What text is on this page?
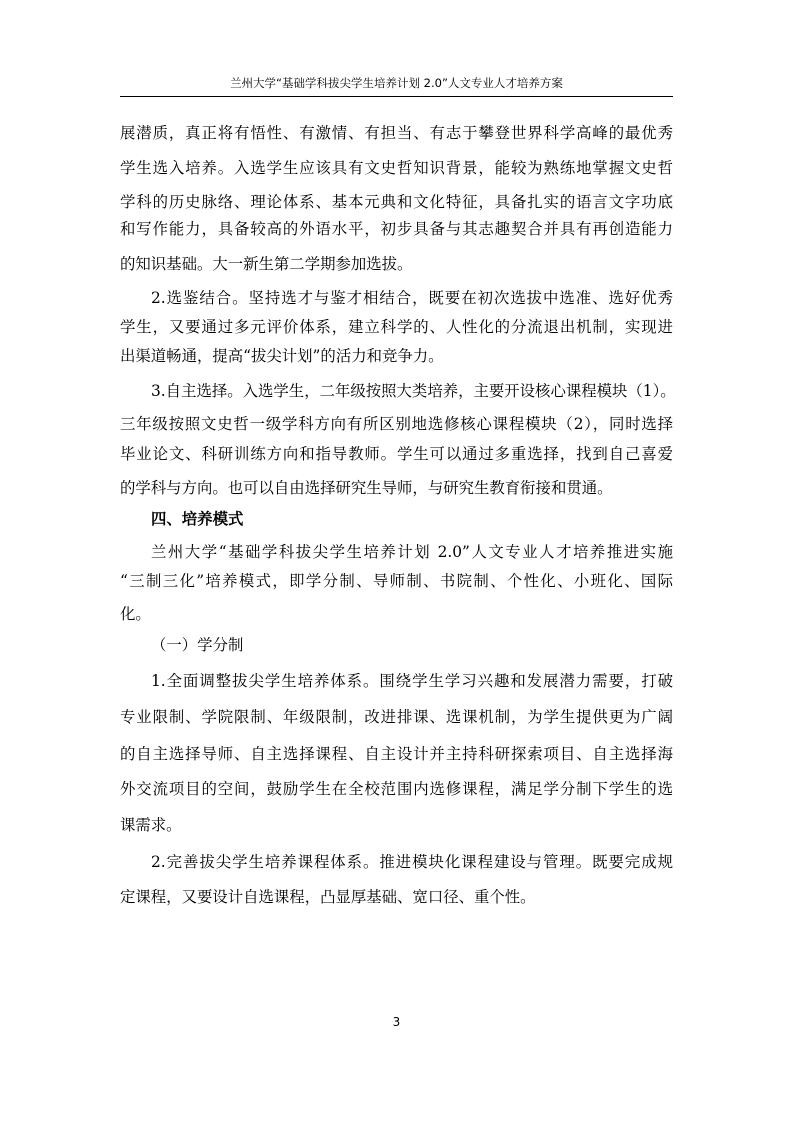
兰州大学“基础学科拔尖学生培养计划 2.0”人文专业人才培养方案
展潜质，真正将有悟性、有激情、有担当、有志于攀登世界科学高峰的最优秀
学生选入培养。入选学生应该具有文史哲知识背景，能较为熟练地掌握文史哲
学科的历史脉络、理论体系、基本元典和文化特征，具备扎实的语言文字功底
和写作能力，具备较高的外语水平，初步具备与其志趣契合并具有再创造能力
的知识基础。大一新生第二学期参加选拔。
2.选鉴结合。坚持选才与鉴才相结合，既要在初次选拔中选准、选好优秀
学生，又要通过多元评价体系，建立科学的、人性化的分流退出机制，实现进
出渠道畅通，提高“拔尖计划”的活力和竞争力。
3.自主选择。入选学生，二年级按照大类培养，主要开设核心课程模块（1）。
三年级按照文史哲一级学科方向有所区别地选修核心课程模块（2），同时选择
毕业论文、科研训练方向和指导教师。学生可以通过多重选择，找到自己喜爱
的学科与方向。也可以自由选择研究生导师，与研究生教育衔接和贯通。
四、培养模式
兰州大学“基础学科拔尖学生培养计划 2.0”人文专业人才培养推进实施
“三制三化”培养模式，即学分制、导师制、书院制、个性化、小班化、国际
化。
（一）学分制
1.全面调整拔尖学生培养体系。围绕学生学习兴趣和发展潜力需要，打破
专业限制、学院限制、年级限制，改进排课、选课机制，为学生提供更为广阔
的自主选择导师、自主选择课程、自主设计并主持科研探索项目、自主选择海
外交流项目的空间，鼓励学生在全校范围内选修课程，满足学分制下学生的选
课需求。
2.完善拔尖学生培养课程体系。推进模块化课程建设与管理。既要完成规
定课程，又要设计自选课程，凸显厚基础、宽口径、重个性。
3
